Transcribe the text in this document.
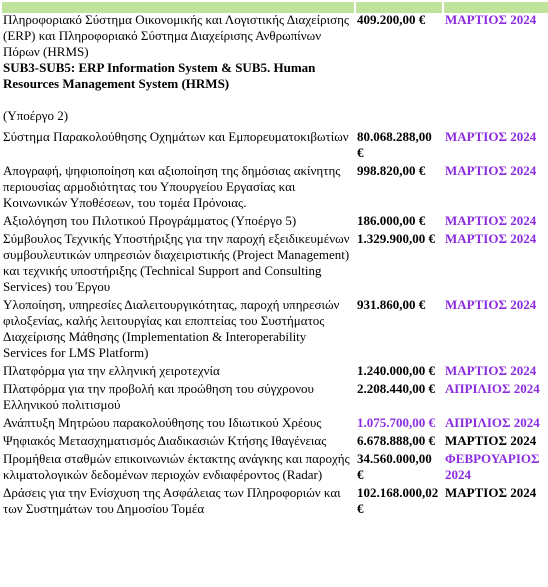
Πληροφοριακό Σύστημα Οικονομικής και Λογιστικής Διαχείρισης (ERP) και Πληροφοριακό Σύστημα Διαχείρισης Ανθρωπίνων Πόρων (HRMS)
SUB3-SUB5: ERP Information System & SUB5. Human Resources Management System (HRMS)
(Υποέργο 2)	409.200,00 €	ΜΑΡΤΙΟΣ 2024
Σύστημα Παρακολούθησης Οχημάτων και Εμπορευματοκιβωτίων	80.068.288,00 €	ΜΑΡΤΙΟΣ 2024
Απογραφή, ψηφιοποίηση και αξιοποίηση της δημόσιας ακίνητης περιουσίας αρμοδιότητας του Υπουργείου Εργασίας και Κοινωνικών Υποθέσεων, του τομέα Πρόνοιας.	998.820,00 €	ΜΑΡΤΙΟΣ 2024
Αξιολόγηση του Πιλοτικού Προγράμματος (Υποέργο 5)	186.000,00 €	ΜΑΡΤΙΟΣ 2024
Σύμβουλος Τεχνικής Υποστήριξης για την παροχή εξειδικευμένων συμβουλευτικών υπηρεσιών διαχειριστικής (Project Management) και τεχνικής υποστήριξης (Technical Support and Consulting Services) του Έργου	1.329.900,00 €	ΜΑΡΤΙΟΣ 2024
Υλοποίηση, υπηρεσίες Διαλειτουργικότητας, παροχή υπηρεσιών φιλοξενίας, καλής λειτουργίας και εποπτείας του Συστήματος Διαχείρισης Μάθησης (Implementation & Interoperability Services for LMS Platform)	931.860,00 €	ΜΑΡΤΙΟΣ 2024
Πλατφόρμα για την ελληνική χειροτεχνία	1.240.000,00 €	ΜΑΡΤΙΟΣ 2024
Πλατφόρμα για την προβολή και προώθηση του σύγχρονου Ελληνικού πολιτισμού	2.208.440,00 €	ΑΠΡΙΛΙΟΣ 2024
Ανάπτυξη Μητρώου παρακολούθησης του Ιδιωτικού Χρέους	1.075.700,00 €	ΑΠΡΙΛΙΟΣ 2024
Ψηφιακός Μετασχηματισμός Διαδικασιών Κτήσης Ιθαγένειας	6.678.888,00 €	ΜΑΡΤΙΟΣ 2024
Προμήθεια σταθμών επικοινωνιών έκτακτης ανάγκης και παροχής κλιματολογικών δεδομένων περιοχών ενδιαφέροντος (Radar)	34.560.000,00 €	ΦΕΒΡΟΥΑΡΙΟΣ 2024
Δράσεις για την Ενίσχυση της Ασφάλειας των Πληροφοριών και των Συστημάτων του Δημοσίου Τομέα	102.168.000,02 €	ΜΑΡΤΙΟΣ 2024
